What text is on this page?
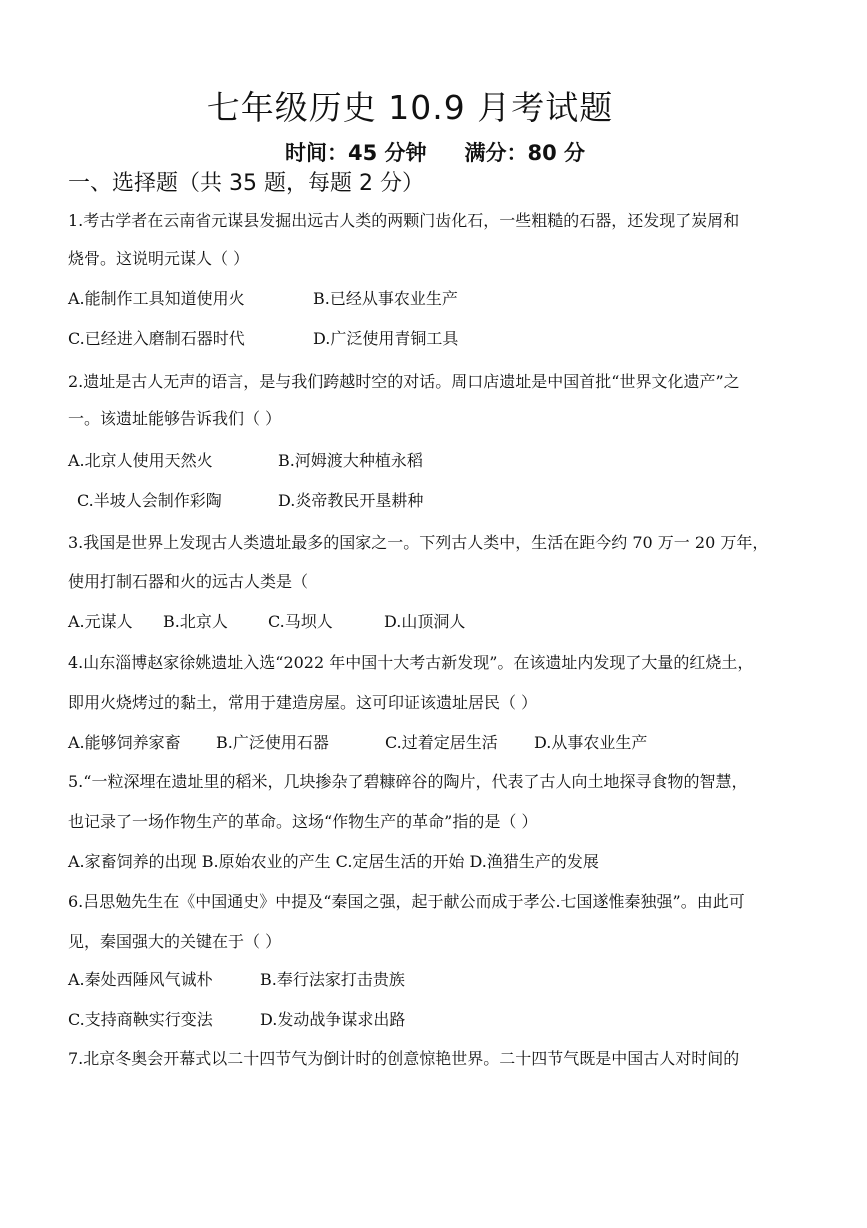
七年级历史 10.9 月考试题
时间：45 分钟 满分：80 分
一、选择题（共 35 题，每题 2 分）
1.考古学者在云南省元谋县发掘出远古人类的两颗门齿化石，一些粗糙的石器，还发现了炭屑和
烧骨。这说明元谋人（ ）
A.能制作工具知道使用火	B.已经从事农业生产
C.已经进入磨制石器时代	D.广泛使用青铜工具
2.遗址是古人无声的语言，是与我们跨越时空的对话。周口店遗址是中国首批“世界文化遗产”之
一。该遗址能够告诉我们（ ）
A.北京人使用天然火	B.河姆渡大种植永稻
C.半坡人会制作彩陶	D.炎帝教民开垦耕种
3.我国是世界上发现古人类遗址最多的国家之一。下列古人类中，生活在距今约 70 万一 20 万年，
使用打制石器和火的远古人类是（
A.元谋人 B.北京人	C.马坝人	D.山顶洞人
4.山东淄博赵家徐姚遗址入选“2022 年中国十大考古新发现”。在该遗址内发现了大量的红烧土，
即用火烧烤过的黏土，常用于建造房屋。这可印证该遗址居民（ ）
A.能够饲养家畜 B.广泛使用石器	C.过着定居生活 D.从事农业生产
5.“一粒深埋在遗址里的稻米，几块掺杂了碧糠碎谷的陶片，代表了古人向土地探寻食物的智慧，
也记录了一场作物生产的革命。这场“作物生产的革命”指的是（ ）
A.家畜饲养的出现 B.原始农业的产生 C.定居生活的开始 D.渔猎生产的发展
6.吕思勉先生在《中国通史》中提及“秦国之强，起于献公而成于孝公.七国遂惟秦独强”。由此可
见，秦国强大的关键在于（ ）
A.秦处西陲风气诚朴	B.奉行法家打击贵族
C.支持商鞅实行变法	D.发动战争谋求出路
7.北京冬奥会开幕式以二十四节气为倒计时的创意惊艳世界。二十四节气既是中国古人对时间的
